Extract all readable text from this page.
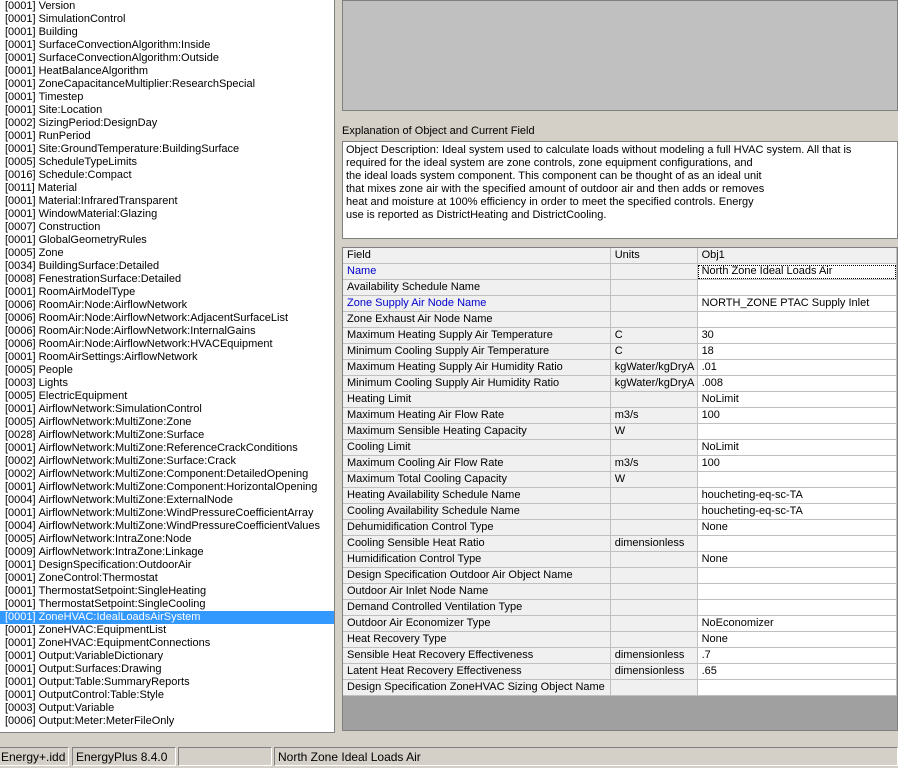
[0001] Version
[0001] SimulationControl
[0001] Building
[0001] SurfaceConvectionAlgorithm:Inside
[0001] SurfaceConvectionAlgorithm:Outside
[0001] HeatBalanceAlgorithm
[0001] ZoneCapacitanceMultiplier:ResearchSpecial
[0001] Timestep
[0001] Site:Location
[0002] SizingPeriod:DesignDay
[0001] RunPeriod
[0001] Site:GroundTemperature:BuildingSurface
[0005] ScheduleTypeLimits
[0016] Schedule:Compact
[0011] Material
[0001] Material:InfraredTransparent
[0001] WindowMaterial:Glazing
[0007] Construction
[0001] GlobalGeometryRules
[0005] Zone
[0034] BuildingSurface:Detailed
[0008] FenestrationSurface:Detailed
[0001] RoomAirModelType
[0006] RoomAir:Node:AirflowNetwork
[0006] RoomAir:Node:AirflowNetwork:AdjacentSurfaceList
[0006] RoomAir:Node:AirflowNetwork:InternalGains
[0006] RoomAir:Node:AirflowNetwork:HVACEquipment
[0001] RoomAirSettings:AirflowNetwork
[0005] People
[0003] Lights
[0005] ElectricEquipment
[0001] AirflowNetwork:SimulationControl
[0005] AirflowNetwork:MultiZone:Zone
[0028] AirflowNetwork:MultiZone:Surface
[0001] AirflowNetwork:MultiZone:ReferenceCrackConditions
[0002] AirflowNetwork:MultiZone:Surface:Crack
[0002] AirflowNetwork:MultiZone:Component:DetailedOpening
[0001] AirflowNetwork:MultiZone:Component:HorizontalOpening
[0004] AirflowNetwork:MultiZone:ExternalNode
[0001] AirflowNetwork:MultiZone:WindPressureCoefficientArray
[0004] AirflowNetwork:MultiZone:WindPressureCoefficientValues
[0005] AirflowNetwork:IntraZone:Node
[0009] AirflowNetwork:IntraZone:Linkage
[0001] DesignSpecification:OutdoorAir
[0001] ZoneControl:Thermostat
[0001] ThermostatSetpoint:SingleHeating
[0001] ThermostatSetpoint:SingleCooling
[0001] ZoneHVAC:IdealLoadsAirSystem
[0001] ZoneHVAC:EquipmentList
[0001] ZoneHVAC:EquipmentConnections
[0001] Output:VariableDictionary
[0001] Output:Surfaces:Drawing
[0001] Output:Table:SummaryReports
[0001] OutputControl:Table:Style
[0003] Output:Variable
[0006] Output:Meter:MeterFileOnly
Explanation of Object and Current Field
Object Description: Ideal system used to calculate loads without modeling a full HVAC system. All that is
required for the ideal system are zone controls, zone equipment configurations, and
the ideal loads system component. This component can be thought of as an ideal unit
that mixes zone air with the specified amount of outdoor air and then adds or removes
heat and moisture at 100% efficiency in order to meet the specified controls. Energy
use is reported as DistrictHeating and DistrictCooling.
Field	Units	Obj1
Name		North Zone Ideal Loads Air
Availability Schedule Name		
Zone Supply Air Node Name		NORTH_ZONE PTAC Supply Inlet
Zone Exhaust Air Node Name		
Maximum Heating Supply Air Temperature	C	30
Minimum Cooling Supply Air Temperature	C	18
Maximum Heating Supply Air Humidity Ratio	kgWater/kgDryA	.01
Minimum Cooling Supply Air Humidity Ratio	kgWater/kgDryA	.008
Heating Limit		NoLimit
Maximum Heating Air Flow Rate	m3/s	100
Maximum Sensible Heating Capacity	W	
Cooling Limit		NoLimit
Maximum Cooling Air Flow Rate	m3/s	100
Maximum Total Cooling Capacity	W	
Heating Availability Schedule Name		houcheting-eq-sc-TA
Cooling Availability Schedule Name		houcheting-eq-sc-TA
Dehumidification Control Type		None
Cooling Sensible Heat Ratio	dimensionless	
Humidification Control Type		None
Design Specification Outdoor Air Object Name		
Outdoor Air Inlet Node Name		
Demand Controlled Ventilation Type		
Outdoor Air Economizer Type		NoEconomizer
Heat Recovery Type		None
Sensible Heat Recovery Effectiveness	dimensionless	.7
Latent Heat Recovery Effectiveness	dimensionless	.65
Design Specification ZoneHVAC Sizing Object Name		
Energy+.idd EnergyPlus 8.4.0	North Zone Ideal Loads Air
